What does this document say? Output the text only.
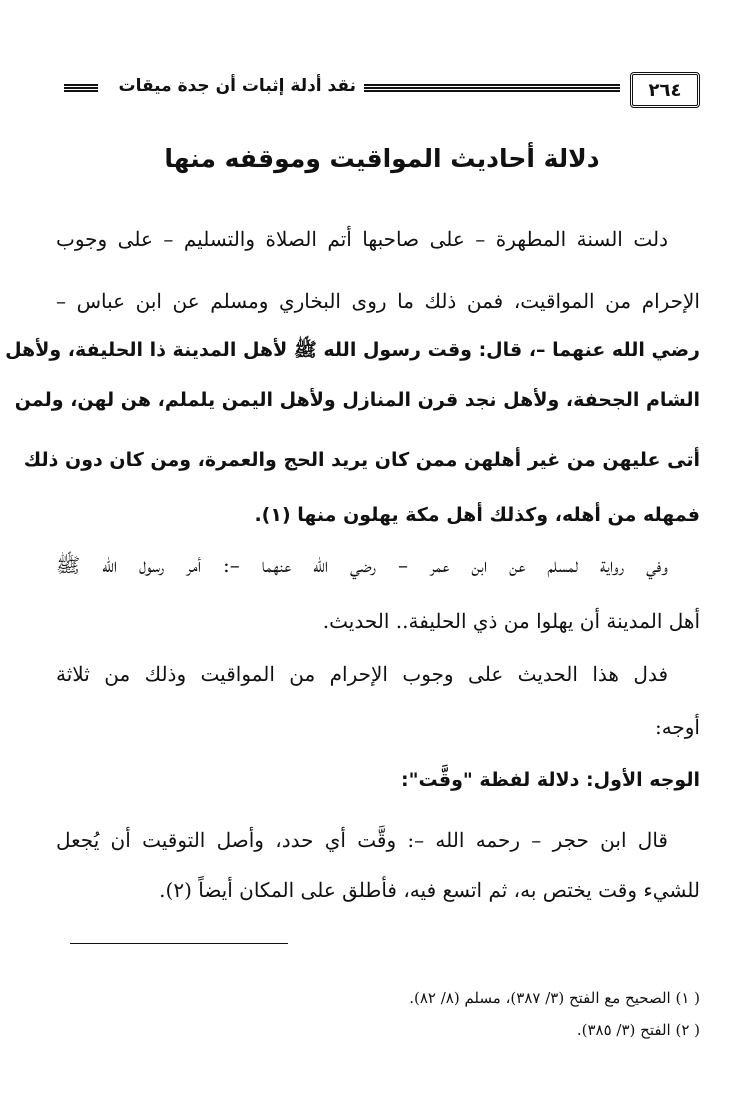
٢٦٤
نقد أدلة إثبات أن جدة ميقات
دلالة أحاديث المواقيت وموقفه منها

دلت السنة المطهرة – على صاحبها أتم الصلاة والتسليم – على وجوب

الإحرام من المواقيت، فمن ذلك ما روى البخاري ومسلم عن ابن عباس –

رضي الله عنهما –، قال: وقت رسول الله ﷺ لأهل المدينة ذا الحليفة، ولأهل

الشام الجحفة، ولأهل نجد قرن المنازل ولأهل اليمن يلملم، هن لهن، ولمن

أتى عليهن من غير أهلهن ممن كان يريد الحج والعمرة، ومن كان دون ذلك

فمهله من أهله، وكذلك أهل مكة يهلون منها (١).

وفي رواية لمسلم عن ابن عمر – رضي الله عنهما –: أمر رسول الله ﷺ

أهل المدينة أن يهلوا من ذي الحليفة.. الحديث.

فدل هذا الحديث على وجوب الإحرام من المواقيت وذلك من ثلاثة

أوجه:

الوجه الأول: دلالة لفظة "وقَّت":

قال ابن حجر – رحمه الله –: وقَّت أي حدد، وأصل التوقيت أن يُجعل

للشيء وقت يختص به، ثم اتسع فيه، فأطلق على المكان أيضاً (٢).

( ١) الصحيح مع الفتح (٣/ ٣٨٧)، مسلم (٨/ ٨٢).
( ٢) الفتح (٣/ ٣٨٥).
